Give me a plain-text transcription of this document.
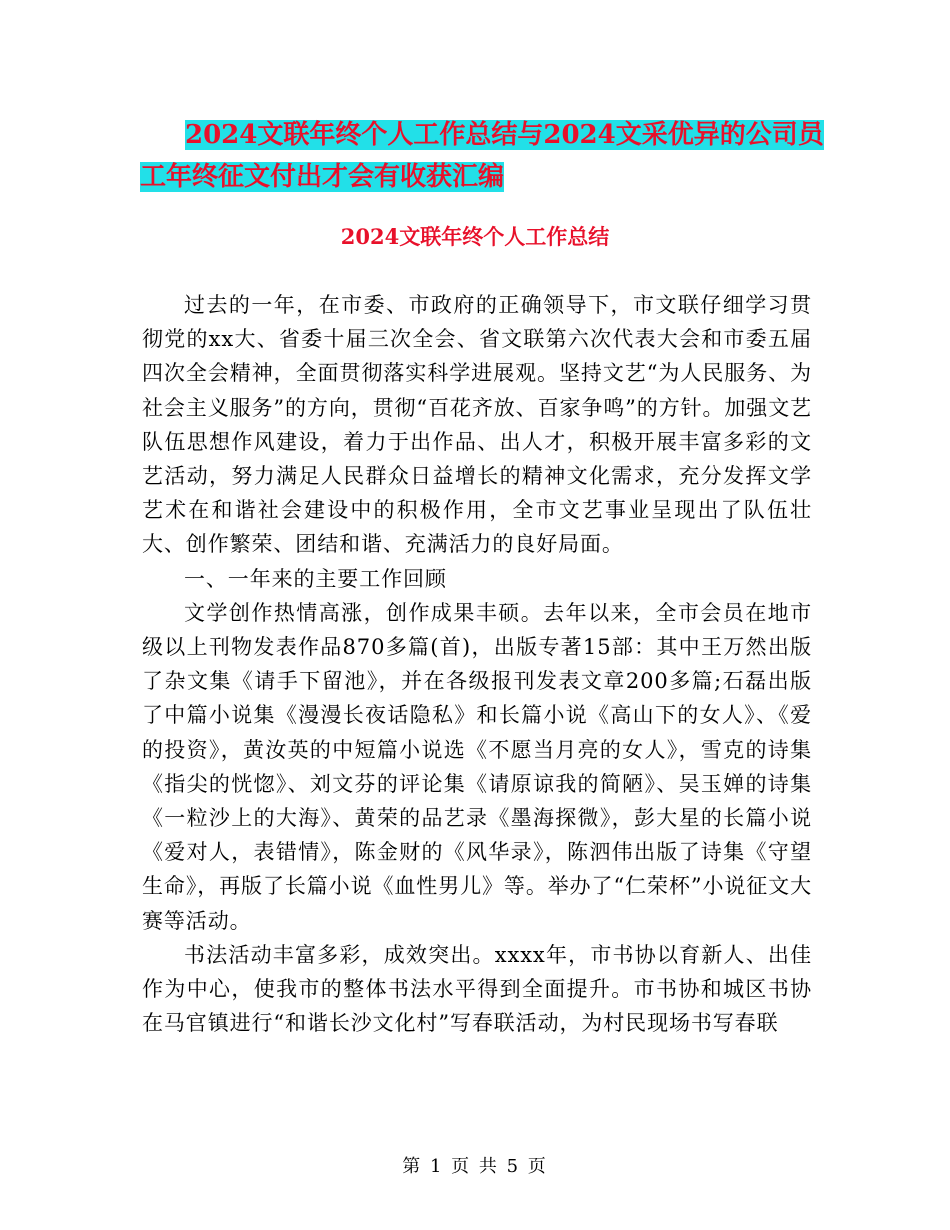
2024文联年终个人工作总结与2024文采优异的公司员
工年终征文付出才会有收获汇编
2024文联年终个人工作总结

过去的一年，在市委、市政府的正确领导下，市文联仔细学习贯彻党的xx大、省委十届三次全会、省文联第六次代表大会和市委五届四次全会精神，全面贯彻落实科学进展观。坚持文艺“为人民服务、为社会主义服务”的方向，贯彻“百花齐放、百家争鸣”的方针。加强文艺队伍思想作风建设，着力于出作品、出人才，积极开展丰富多彩的文艺活动，努力满足人民群众日益增长的精神文化需求，充分发挥文学艺术在和谐社会建设中的积极作用，全市文艺事业呈现出了队伍壮大、创作繁荣、团结和谐、充满活力的良好局面。

一、一年来的主要工作回顾

文学创作热情高涨，创作成果丰硕。去年以来，全市会员在地市级以上刊物发表作品870多篇(首)，出版专著15部：其中王万然出版了杂文集《请手下留池》，并在各级报刊发表文章200多篇;石磊出版了中篇小说集《漫漫长夜话隐私》和长篇小说《高山下的女人》、《爱的投资》，黄汝英的中短篇小说选《不愿当月亮的女人》，雪克的诗集《指尖的恍惚》、刘文芬的评论集《请原谅我的简陋》、吴玉婵的诗集《一粒沙上的大海》、黄荣的品艺录《墨海探微》，彭大星的长篇小说《爱对人，表错情》，陈金财的《风华录》，陈泗伟出版了诗集《守望生命》，再版了长篇小说《血性男儿》等。举办了“仁荣杯”小说征文大赛等活动。

书法活动丰富多彩，成效突出。xxxx年，市书协以育新人、出佳作为中心，使我市的整体书法水平得到全面提升。市书协和城区书协在马官镇进行“和谐长沙文化村”写春联活动，为村民现场书写春联

第 1 页 共 5 页
